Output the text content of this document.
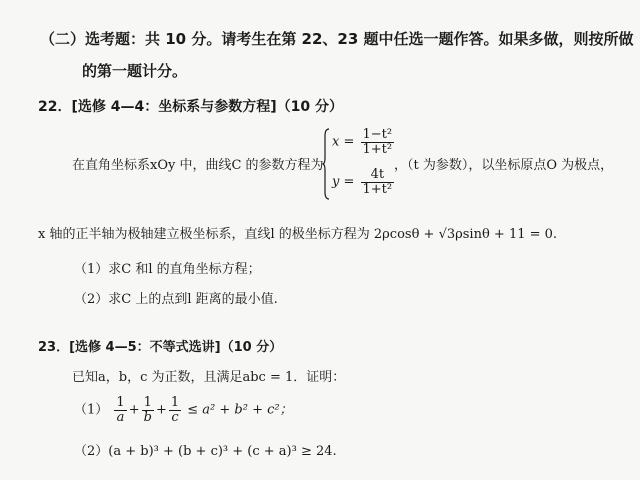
（二）选考题：共 10 分。请考生在第 22、23 题中任选一题作答。如果多做，则按所做
的第一题计分。
22．[选修 4—4：坐标系与参数方程]（10 分）
在直角坐标系xOy 中，曲线C 的参数方程为
$x = \frac{\text{1−t²}}{\text{1+t²}}$
$y = \frac{4t}{\text{1+t²}}$
，（t 为参数），以坐标原点O 为极点，
x 轴的正半轴为极轴建立极坐标系，直线l 的极坐标方程为 2ρcosθ + √3ρsinθ + 11 = 0.
（1）求C 和l 的直角坐标方程；
（2）求C 上的点到l 距离的最小值.
23．[选修 4—5：不等式选讲]（10 分）
已知a，b，c 为正数，且满足abc = 1．证明：
$(1) \frac{1}{a} + \frac{1}{b} + \frac{1}{c} \le a^2 + b^2 + c^2$；
（2）(a + b)³ + (b + c)³ + (c + a)³ ≥ 24.
